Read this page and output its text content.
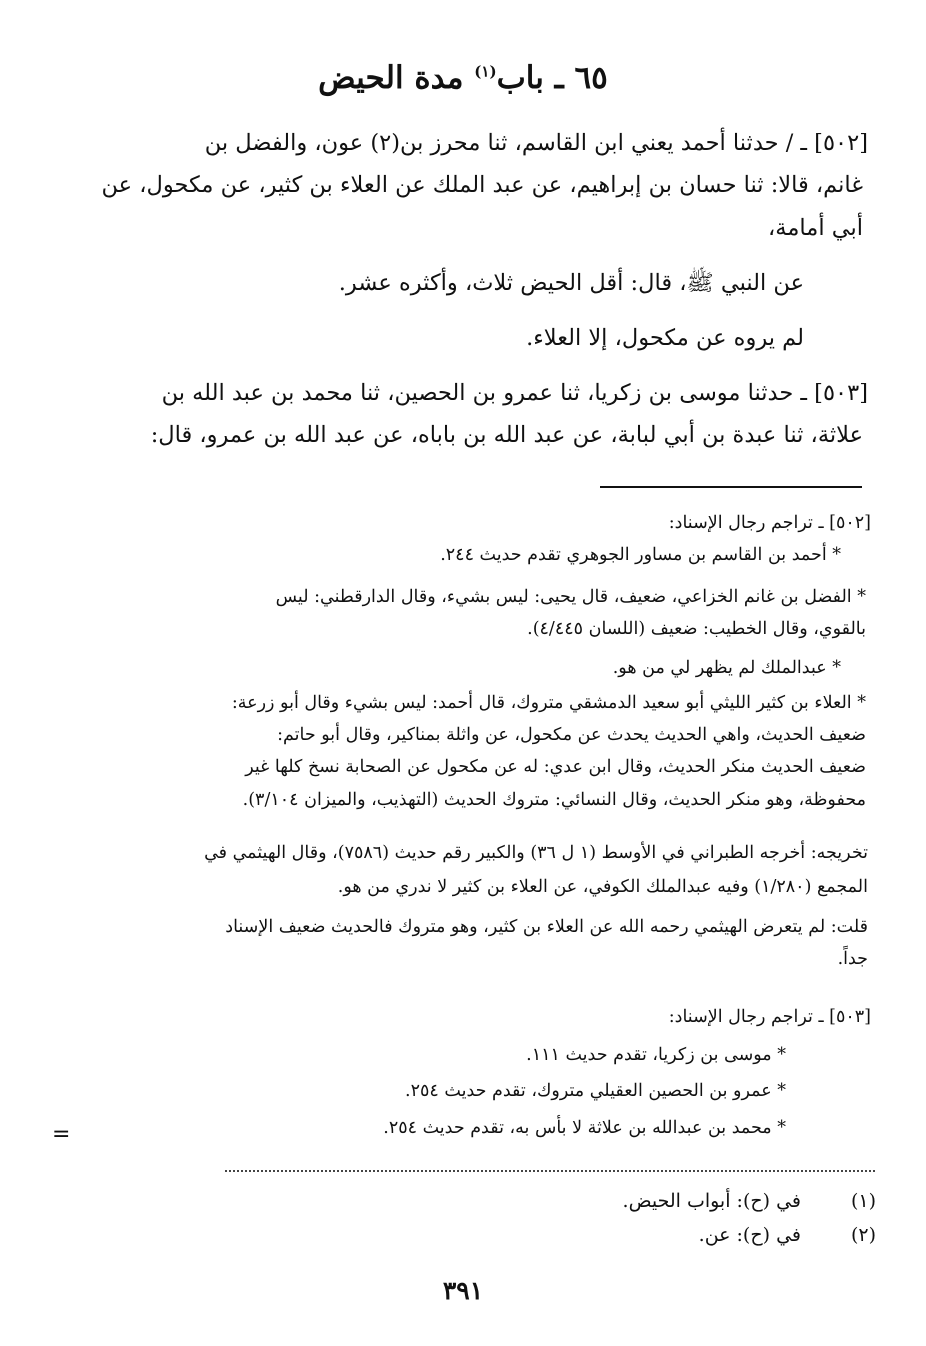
٦٥ ـ باب$^{(١)}$ مدة الحيض

[٥٠٢] ـ / حدثنا أحمد يعني ابن القاسم، ثنا محرز بن(٢) عون، والفضل بن

غانم، قالا: ثنا حسان بن إبراهيم، عن عبد الملك عن العلاء بن كثير، عن مكحول، عن

أبي أمامة،

عن النبي ﷺ، قال: أقل الحيض ثلاث، وأكثره عشر.

لم يروه عن مكحول، إلا العلاء.

[٥٠٣] ـ حدثنا موسى بن زكريا، ثنا عمرو بن الحصين، ثنا محمد بن عبد الله بن

علاثة، ثنا عبدة بن أبي لبابة، عن عبد الله بن باباه، عن عبد الله بن عمرو، قال:

[٥٠٢] ـ تراجم رجال الإسناد:

* أحمد بن القاسم بن مساور الجوهري تقدم حديث ٢٤٤.

* الفضل بن غانم الخزاعي، ضعيف، قال يحيى: ليس بشيء، وقال الدارقطني: ليس

بالقوي، وقال الخطيب: ضعيف (اللسان ٤/٤٤٥).

* عبدالملك لم يظهر لي من هو.

* العلاء بن كثير الليثي أبو سعيد الدمشقي متروك، قال أحمد: ليس بشيء وقال أبو زرعة:

ضعيف الحديث، واهي الحديث يحدث عن مكحول، عن واثلة بمناكير، وقال أبو حاتم:

ضعيف الحديث منكر الحديث، وقال ابن عدي: له عن مكحول عن الصحابة نسخ كلها غير

محفوظة، وهو منكر الحديث، وقال النسائي: متروك الحديث (التهذيب، والميزان ٣/١٠٤).

تخريجه: أخرجه الطبراني في الأوسط (١ ل ٣٦) والكبير رقم حديث (٧٥٨٦)، وقال الهيثمي في

المجمع (١/٢٨٠) وفيه عبدالملك الكوفي، عن العلاء بن كثير لا ندري من هو.

قلت: لم يتعرض الهيثمي رحمه الله عن العلاء بن كثير، وهو متروك فالحديث ضعيف الإسناد

جداً.

[٥٠٣] ـ تراجم رجال الإسناد:

* موسى بن زكريا، تقدم حديث ١١١.

* عمرو بن الحصين العقيلي متروك، تقدم حديث ٢٥٤.

* محمد بن عبدالله بن علاثة لا بأس به، تقدم حديث ٢٥٤.

=

(١)في (ح): أبواب الحيض.

(٢)في (ح): عن.

٣٩١
